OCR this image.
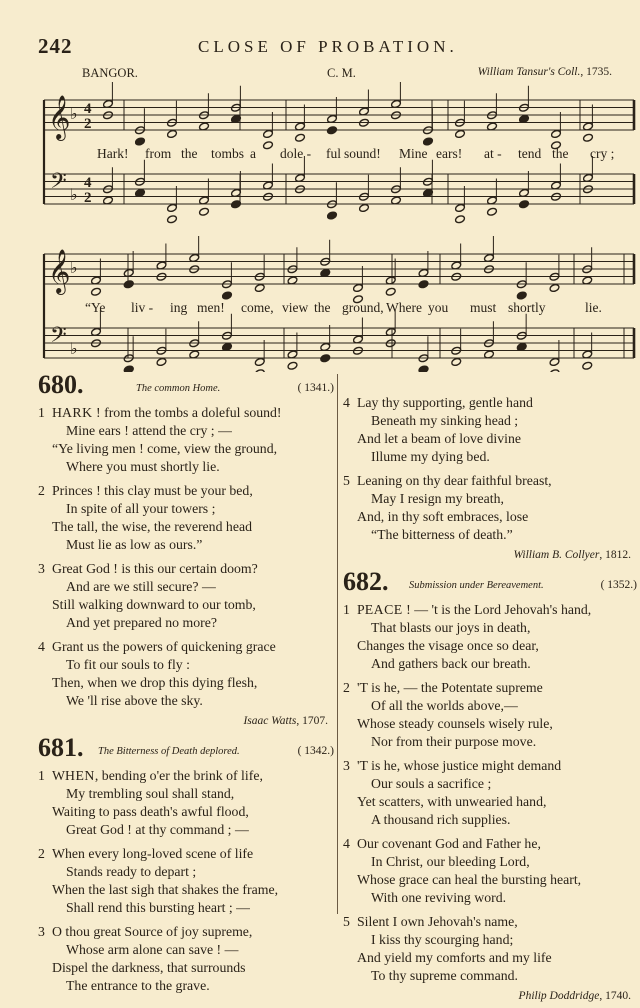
242	CLOSE OF PROBATION.
BANGOR.	C. M.	William Tansur's Coll., 1735.
𝄞 ♭ 4
2
𝄢 ♭
4
2
𝄞 ♭
𝄢 ♭
Hark! from the tombs a dole - ful sound! Mine ears! at - tend the cry ;
“Ye liv - ing men! come, view the ground, Where you must shortly	lie.
680.	The common Home.	( 1341.)
1 HARK ! from the tombs a doleful sound!
Mine ears ! attend the cry ; —
“Ye living men ! come, view the ground,
Where you must shortly lie.
2 Princes ! this clay must be your bed,
In spite of all your towers ;
The tall, the wise, the reverend head
Must lie as low as ours.”
3 Great God ! is this our certain doom?
And are we still secure? —
Still walking downward to our tomb,
And yet prepared no more?
4 Grant us the powers of quickening grace
To fit our souls to fly :
Then, when we drop this dying flesh,
We 'll rise above the sky.
Isaac Watts, 1707.
681. The Bitterness of Death deplored.	( 1342.)
1 WHEN, bending o'er the brink of life,
My trembling soul shall stand,
Waiting to pass death's awful flood,
Great God ! at thy command ; —
2 When every long-loved scene of life
Stands ready to depart ;
When the last sigh that shakes the frame,
Shall rend this bursting heart ; —
3 O thou great Source of joy supreme,
Whose arm alone can save ! —
Dispel the darkness, that surrounds
The entrance to the grave.
4 Lay thy supporting, gentle hand
Beneath my sinking head ;
And let a beam of love divine
Illume my dying bed.
5 Leaning on thy dear faithful breast,
May I resign my breath,
And, in thy soft embraces, lose
“The bitterness of death.”
William B. Collyer, 1812.
682. Submission under Bereavement.	( 1352.)
1 PEACE ! — 't is the Lord Jehovah's hand,
That blasts our joys in death,
Changes the visage once so dear,
And gathers back our breath.
2 'T is he, — the Potentate supreme
Of all the worlds above,—
Whose steady counsels wisely rule,
Nor from their purpose move.
3 'T is he, whose justice might demand
Our souls a sacrifice ;
Yet scatters, with unwearied hand,
A thousand rich supplies.
4 Our covenant God and Father he,
In Christ, our bleeding Lord,
Whose grace can heal the bursting heart,
With one reviving word.
5 Silent I own Jehovah's name,
I kiss thy scourging hand;
And yield my comforts and my life
To thy supreme command.
Philip Doddridge, 1740.
